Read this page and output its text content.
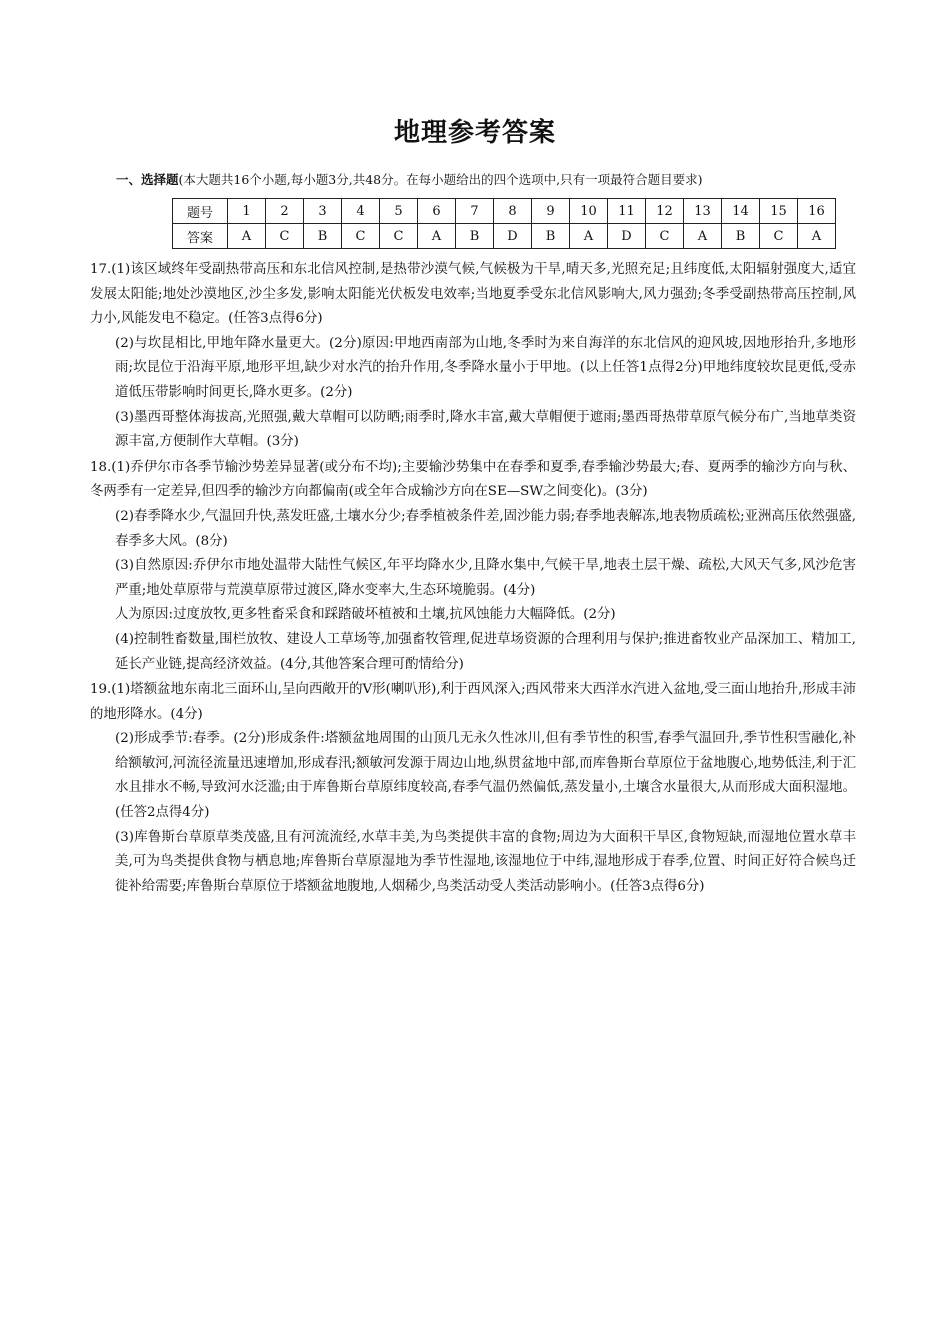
地理参考答案
一、选择题(本大题共16个小题,每小题3分,共48分。在每小题给出的四个选项中,只有一项最符合题目要求)
题号	1	2	3	4	5	6	7	8	9	10	11	12	13	14	15	16
答案	A	C	B	C	C	A	B	D	B	A	D	C	A	B	C	A

17.(1)该区域终年受副热带高压和东北信风控制,是热带沙漠气候,气候极为干旱,晴天多,光照充足;且纬度低,太阳辐射强度大,适宜发展太阳能;地处沙漠地区,沙尘多发,影响太阳能光伏板发电效率;当地夏季受东北信风影响大,风力强劲;冬季受副热带高压控制,风力小,风能发电不稳定。(任答3点得6分)

(2)与坎昆相比,甲地年降水量更大。(2分)原因:甲地西南部为山地,冬季时为来自海洋的东北信风的迎风坡,因地形抬升,多地形雨;坎昆位于沿海平原,地形平坦,缺少对水汽的抬升作用,冬季降水量小于甲地。(以上任答1点得2分)甲地纬度较坎昆更低,受赤道低压带影响时间更长,降水更多。(2分)

(3)墨西哥整体海拔高,光照强,戴大草帽可以防晒;雨季时,降水丰富,戴大草帽便于遮雨;墨西哥热带草原气候分布广,当地草类资源丰富,方便制作大草帽。(3分)

18.(1)乔伊尔市各季节输沙势差异显著(或分布不均);主要输沙势集中在春季和夏季,春季输沙势最大;春、夏两季的输沙方向与秋、冬两季有一定差异,但四季的输沙方向都偏南(或全年合成输沙方向在SE—SW之间变化)。(3分)

(2)春季降水少,气温回升快,蒸发旺盛,土壤水分少;春季植被条件差,固沙能力弱;春季地表解冻,地表物质疏松;亚洲高压依然强盛,春季多大风。(8分)

(3)自然原因:乔伊尔市地处温带大陆性气候区,年平均降水少,且降水集中,气候干旱,地表土层干燥、疏松,大风天气多,风沙危害严重;地处草原带与荒漠草原带过渡区,降水变率大,生态环境脆弱。(4分)

人为原因:过度放牧,更多牲畜采食和踩踏破坏植被和土壤,抗风蚀能力大幅降低。(2分)

(4)控制牲畜数量,围栏放牧、建设人工草场等,加强畜牧管理,促进草场资源的合理利用与保护;推进畜牧业产品深加工、精加工,延长产业链,提高经济效益。(4分,其他答案合理可酌情给分)

19.(1)塔额盆地东南北三面环山,呈向西敞开的V形(喇叭形),利于西风深入;西风带来大西洋水汽进入盆地,受三面山地抬升,形成丰沛的地形降水。(4分)

(2)形成季节:春季。(2分)形成条件:塔额盆地周围的山顶几无永久性冰川,但有季节性的积雪,春季气温回升,季节性积雪融化,补给额敏河,河流径流量迅速增加,形成春汛;额敏河发源于周边山地,纵贯盆地中部,而库鲁斯台草原位于盆地腹心,地势低洼,利于汇水且排水不畅,导致河水泛滥;由于库鲁斯台草原纬度较高,春季气温仍然偏低,蒸发量小,土壤含水量很大,从而形成大面积湿地。(任答2点得4分)

(3)库鲁斯台草原草类茂盛,且有河流流经,水草丰美,为鸟类提供丰富的食物;周边为大面积干旱区,食物短缺,而湿地位置水草丰美,可为鸟类提供食物与栖息地;库鲁斯台草原湿地为季节性湿地,该湿地位于中纬,湿地形成于春季,位置、时间正好符合候鸟迁徙补给需要;库鲁斯台草原位于塔额盆地腹地,人烟稀少,鸟类活动受人类活动影响小。(任答3点得6分)
